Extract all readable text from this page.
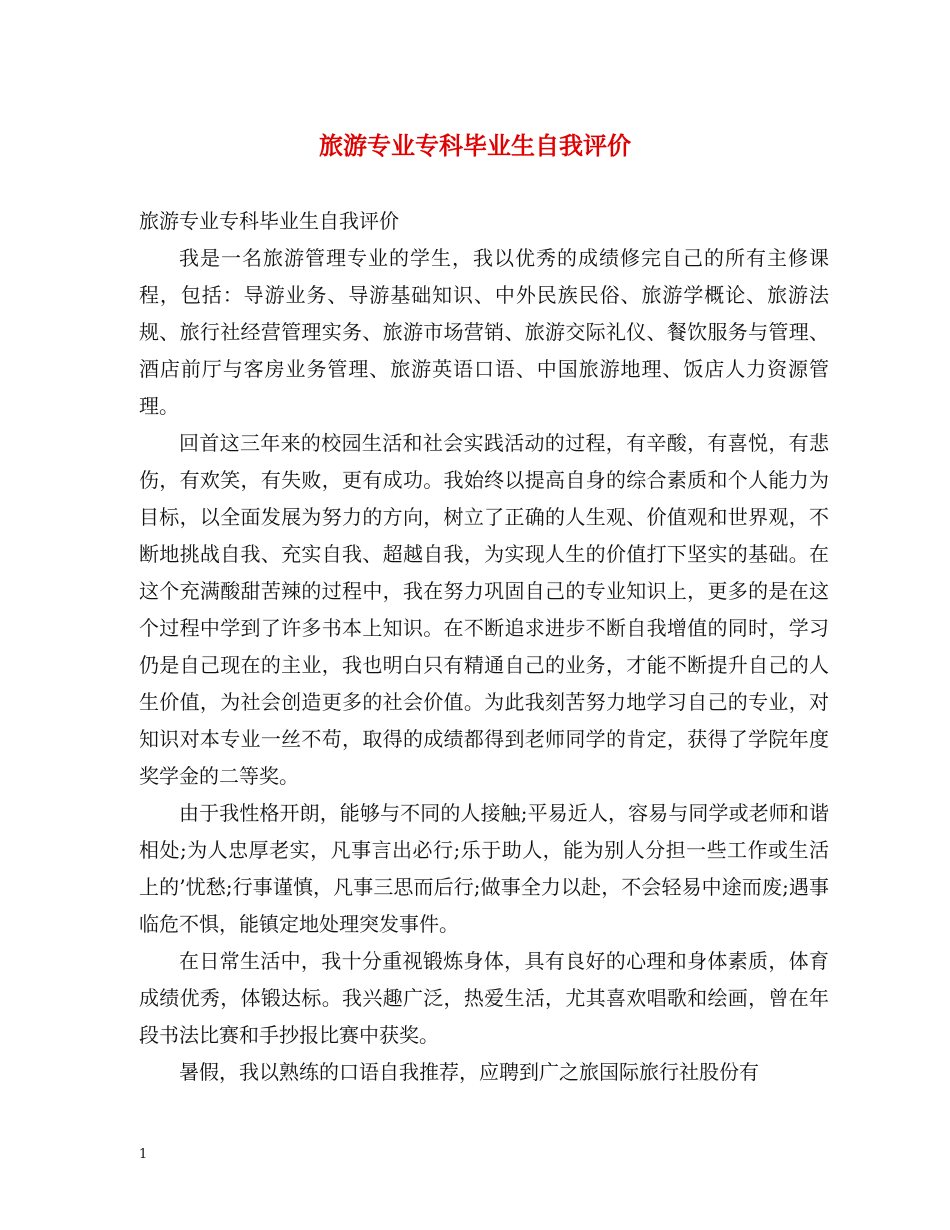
旅游专业专科毕业生自我评价

旅游专业专科毕业生自我评价

我是一名旅游管理专业的学生，我以优秀的成绩修完自己的所有主修课程，包括：导游业务、导游基础知识、中外民族民俗、旅游学概论、旅游法规、旅行社经营管理实务、旅游市场营销、旅游交际礼仪、餐饮服务与管理、酒店前厅与客房业务管理、旅游英语口语、中国旅游地理、饭店人力资源管理。

回首这三年来的校园生活和社会实践活动的过程，有辛酸，有喜悦，有悲伤，有欢笑，有失败，更有成功。我始终以提高自身的综合素质和个人能力为目标，以全面发展为努力的方向，树立了正确的人生观、价值观和世界观，不断地挑战自我、充实自我、超越自我，为实现人生的价值打下坚实的基础。在这个充满酸甜苦辣的过程中，我在努力巩固自己的专业知识上，更多的是在这个过程中学到了许多书本上知识。在不断追求进步不断自我增值的同时，学习仍是自己现在的主业，我也明白只有精通自己的业务，才能不断提升自己的人生价值，为社会创造更多的社会价值。为此我刻苦努力地学习自己的专业，对知识对本专业一丝不苟，取得的成绩都得到老师同学的肯定，获得了学院年度奖学金的二等奖。

由于我性格开朗，能够与不同的人接触;平易近人，容易与同学或老师和谐相处;为人忠厚老实，凡事言出必行;乐于助人，能为别人分担一些工作或生活上的’忧愁;行事谨慎，凡事三思而后行;做事全力以赴，不会轻易中途而废;遇事临危不惧，能镇定地处理突发事件。

在日常生活中，我十分重视锻炼身体，具有良好的心理和身体素质，体育成绩优秀，体锻达标。我兴趣广泛，热爱生活，尤其喜欢唱歌和绘画，曾在年段书法比赛和手抄报比赛中获奖。

暑假，我以熟练的口语自我推荐，应聘到广之旅国际旅行社股份有

1
